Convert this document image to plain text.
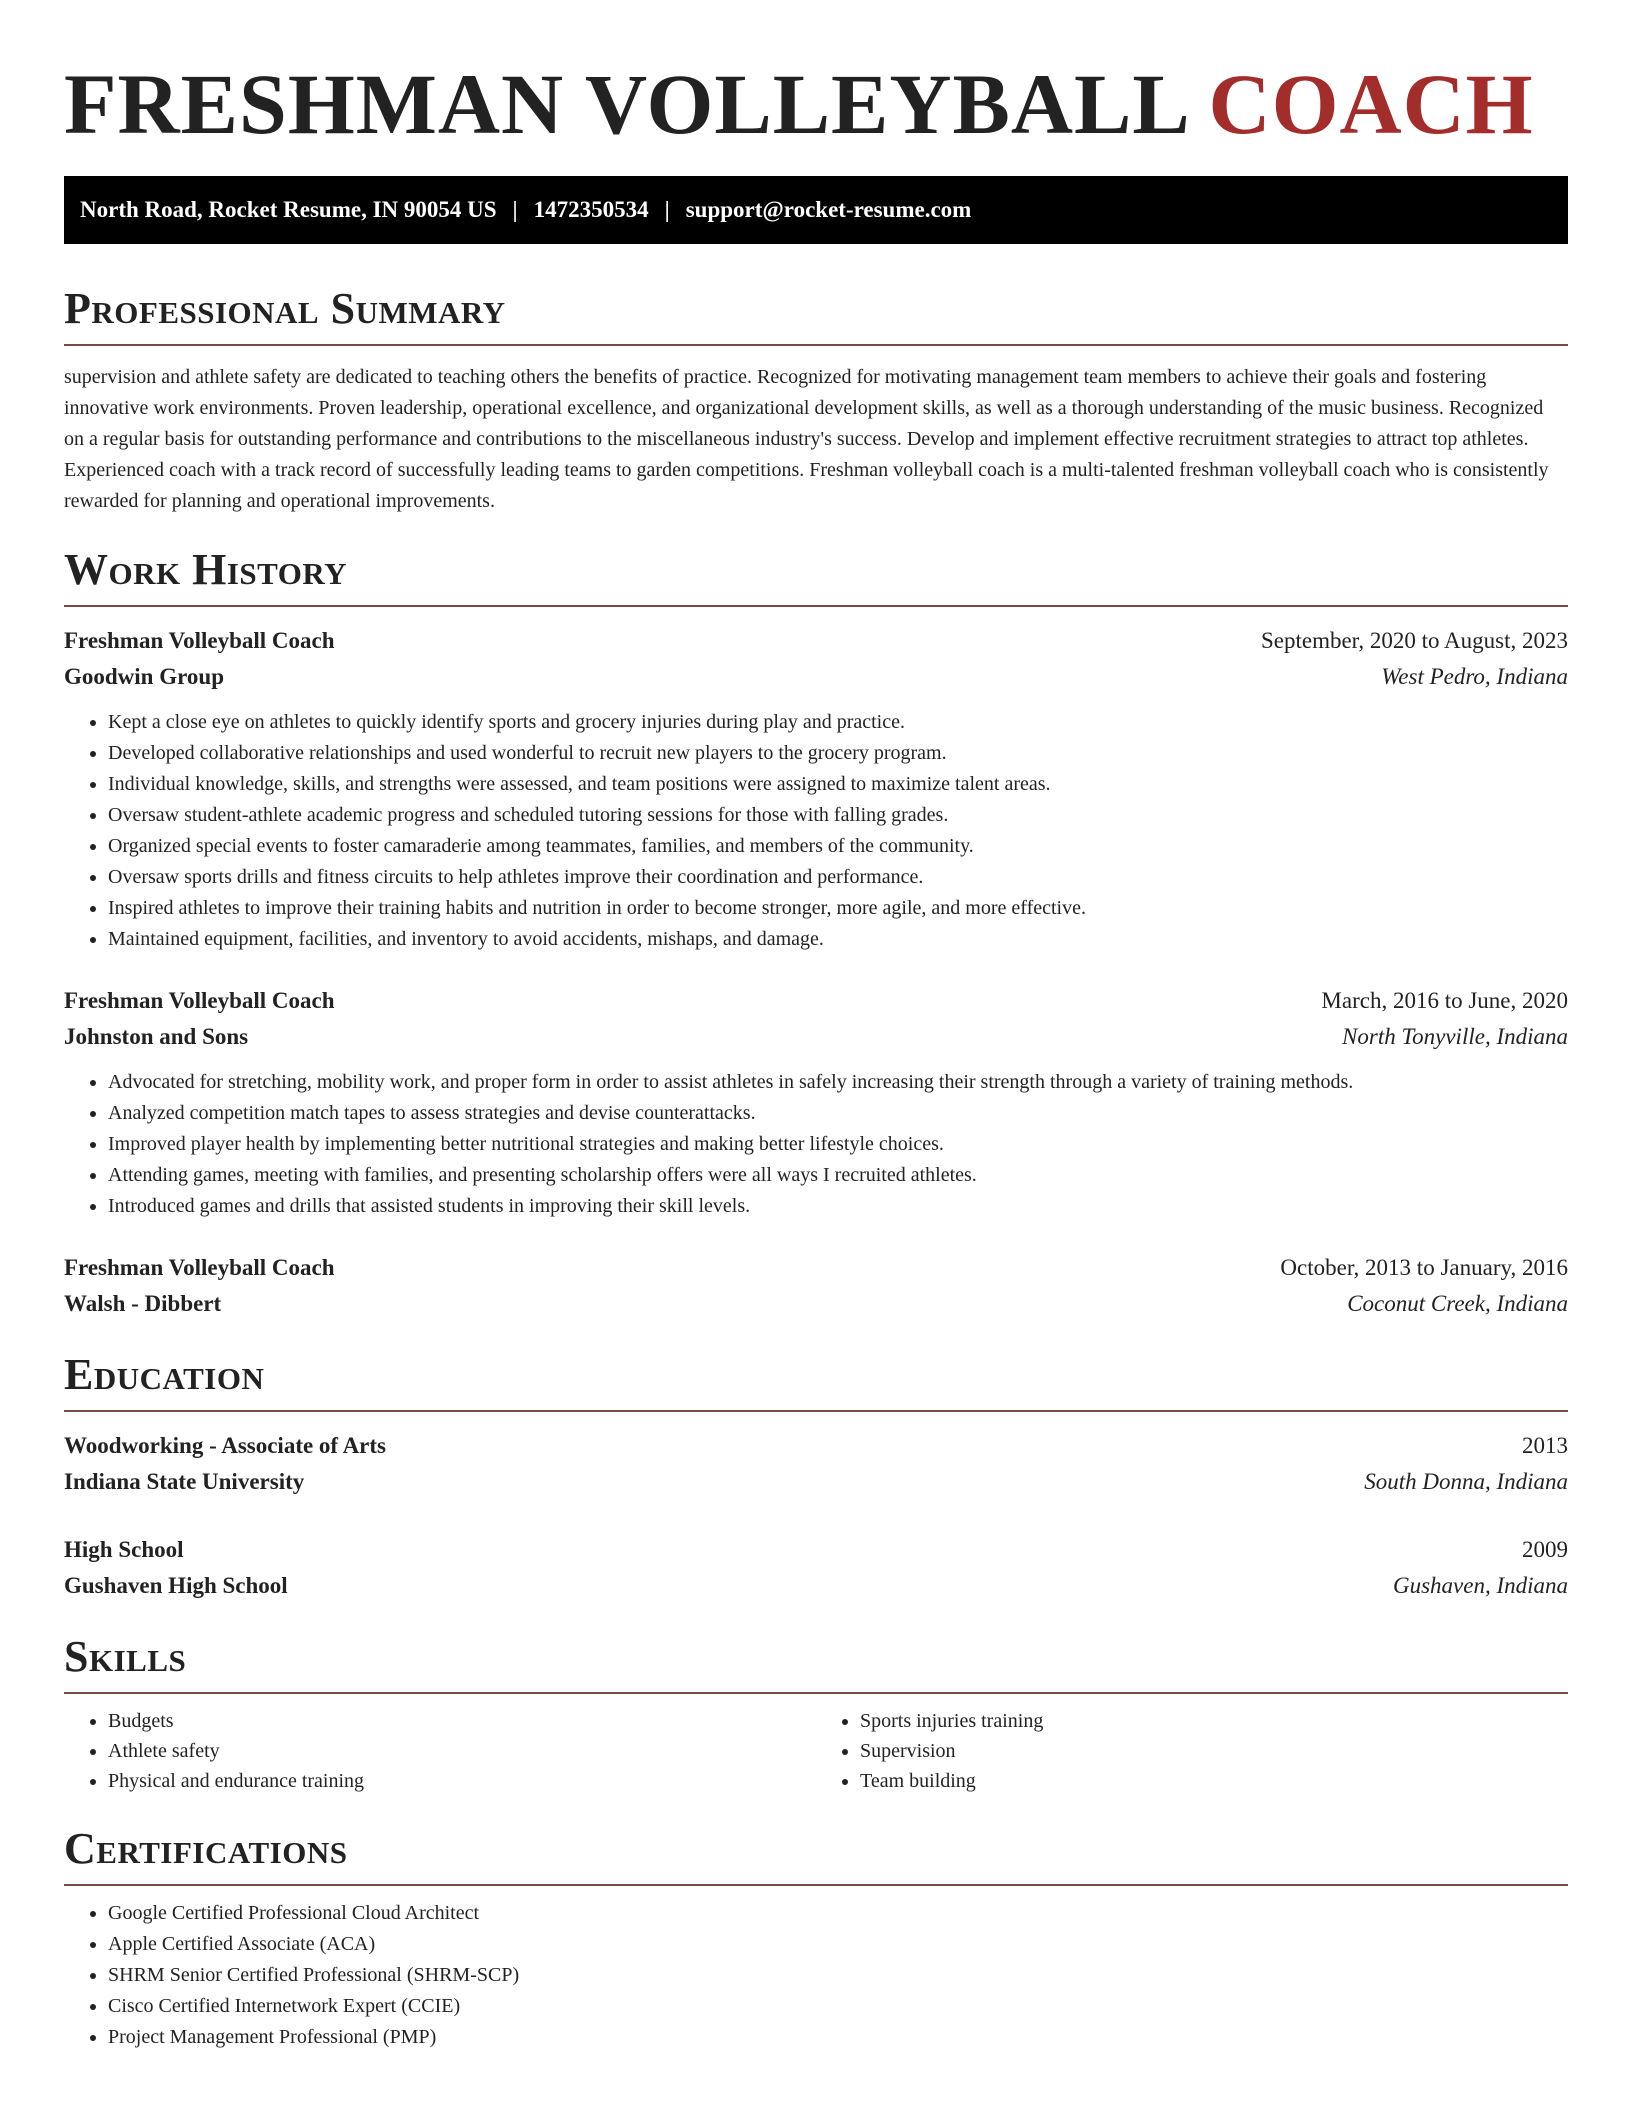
FRESHMAN VOLLEYBALL COACH
North Road, Rocket Resume, IN 90054 US | 1472350534 | support@rocket-resume.com
Professional Summary

supervision and athlete safety are dedicated to teaching others the benefits of practice. Recognized for motivating management team members to achieve their goals and fostering innovative work environments. Proven leadership, operational excellence, and organizational development skills, as well as a thorough understanding of the music business. Recognized on a regular basis for outstanding performance and contributions to the miscellaneous industry's success. Develop and implement effective recruitment strategies to attract top athletes. Experienced coach with a track record of successfully leading teams to garden competitions. Freshman volleyball coach is a multi-talented freshman volleyball coach who is consistently rewarded for planning and operational improvements.

Work History
Freshman Volleyball Coach	September, 2020 to August, 2023
Goodwin Group	West Pedro, Indiana
• Kept a close eye on athletes to quickly identify sports and grocery injuries during play and practice.
• Developed collaborative relationships and used wonderful to recruit new players to the grocery program.
• Individual knowledge, skills, and strengths were assessed, and team positions were assigned to maximize talent areas.
• Oversaw student-athlete academic progress and scheduled tutoring sessions for those with falling grades.
• Organized special events to foster camaraderie among teammates, families, and members of the community.
• Oversaw sports drills and fitness circuits to help athletes improve their coordination and performance.
• Inspired athletes to improve their training habits and nutrition in order to become stronger, more agile, and more effective.
• Maintained equipment, facilities, and inventory to avoid accidents, mishaps, and damage.
Freshman Volleyball Coach	March, 2016 to June, 2020
Johnston and Sons	North Tonyville, Indiana
• Advocated for stretching, mobility work, and proper form in order to assist athletes in safely increasing their strength through a variety of training methods.
• Analyzed competition match tapes to assess strategies and devise counterattacks.
• Improved player health by implementing better nutritional strategies and making better lifestyle choices.
• Attending games, meeting with families, and presenting scholarship offers were all ways I recruited athletes.
• Introduced games and drills that assisted students in improving their skill levels.
Freshman Volleyball Coach	October, 2013 to January, 2016
Walsh - Dibbert	Coconut Creek, Indiana
Education
Woodworking - Associate of Arts	2013
Indiana State University	South Donna, Indiana
High School	2009
Gushaven High School	Gushaven, Indiana
Skills
• Budgets
• Athlete safety
• Physical and endurance training
• Sports injuries training
• Supervision
• Team building
Certifications
• Google Certified Professional Cloud Architect
• Apple Certified Associate (ACA)
• SHRM Senior Certified Professional (SHRM-SCP)
• Cisco Certified Internetwork Expert (CCIE)
• Project Management Professional (PMP)
